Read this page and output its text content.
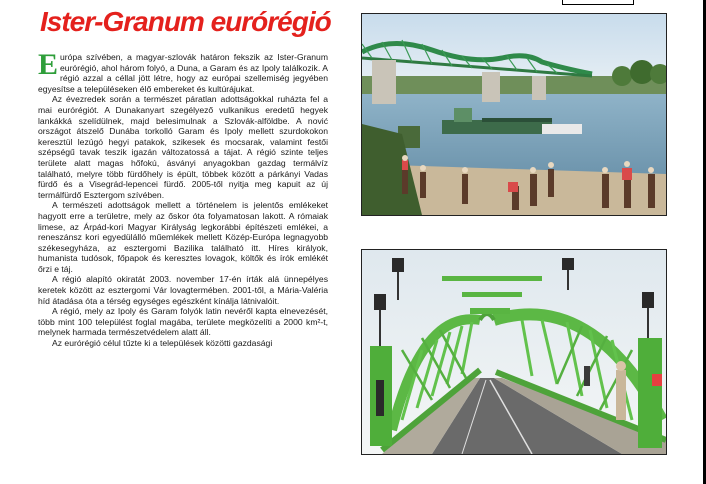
Ister-Granum eurórégió

Európa szívében, a magyar-szlovák határon fekszik az Ister-Granum eurórégió, ahol három folyó, a Duna, a Garam és az Ipoly találkozik. A régió azzal a céllal jött létre, hogy az európai szellemiség jegyében egyesítse a településeken élő embereket és kultúrájukat.

Az évezredek során a természet páratlan adottságokkal ruházta fel a mai eurórégiót. A Dunakanyart szegélyező vulkanikus eredetű hegyek lankákká szelídülnek, majd belesimulnak a Szlovák-alföldbe. A nović országot átszelő Dunába torkolló Garam és Ipoly mellett szurdokokon keresztül lezúgó hegyi patakok, szikesek és mocsarak, valamint festői szépségű tavak teszik igazán változatossá a tájat. A régió szinte teljes területe alatt magas hőfokú, ásványi anyagokban gazdag termálvíz található, melyre több fürdőhely is épült, többek között a párkányi Vadas fürdő és a Visegrád-lepencei fürdő. 2005-től nyitja meg kapuit az új termálfürdő Esztergom szívében.

A természeti adottságok mellett a történelem is jelentős emlékeket hagyott erre a területre, mely az őskor óta folyamatosan lakott. A rómaiak limese, az Árpád-kori Magyar Királyság legkorábbi építészeti emlékei, a reneszánsz kori egyedülálló műemlékek mellett Közép-Európa legnagyobb székesegyháza, az esztergomi Bazilika található itt. Híres királyok, humanista tudósok, főpapok és keresztes lovagok, költők és írók emlékét őrzi e táj.

A régió alapító okiratát 2003. november 17-én írták alá ünnepélyes keretek között az esztergomi Vár lovagtermében. 2001-től, a Mária-Valéria híd átadása óta a térség egységes egészként kínálja látnivalóit.

A régió, mely az Ipoly és Garam folyók latin nevéről kapta elnevezését, több mint 100 települést foglal magába, területe megközelíti a 2000 km²-t, melynek harmada természetvédelem alatt áll.

Az eurórégió célul tűzte ki a települések közötti gazdasági
